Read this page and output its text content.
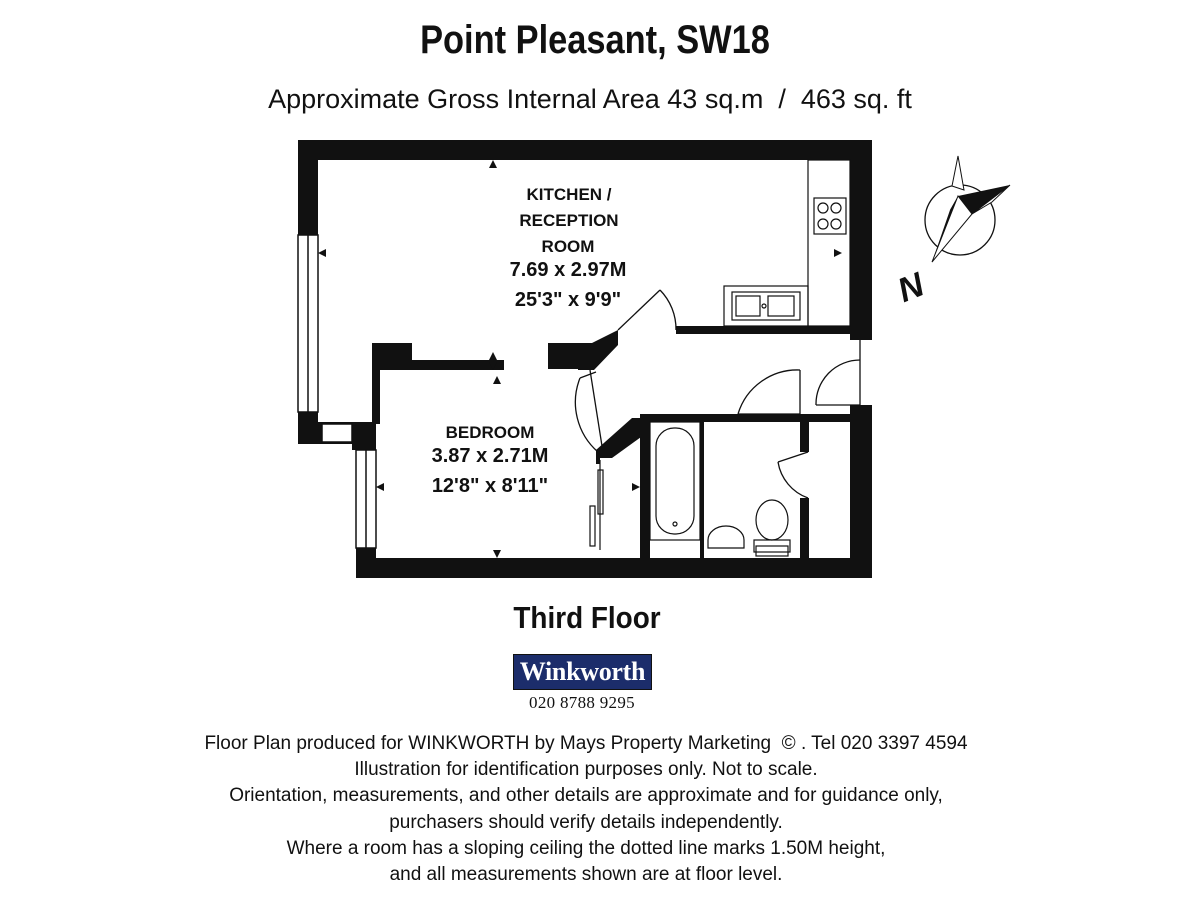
Point Pleasant, SW18
Approximate Gross Internal Area 43 sq.m  /  463 sq. ft
KITCHEN /
RECEPTION
ROOM
7.69 x 2.97M
25'3" x 9'9"
BEDROOM
3.87 x 2.71M
12'8" x 8'11"
N
Third Floor
Winkworth
020 8788 9295
Floor Plan produced for WINKWORTH by Mays Property Marketing  © . Tel 020 3397 4594
Illustration for identification purposes only. Not to scale.
Orientation, measurements, and other details are approximate and for guidance only,
purchasers should verify details independently.
Where a room has a sloping ceiling the dotted line marks 1.50M height,
and all measurements shown are at floor level.
